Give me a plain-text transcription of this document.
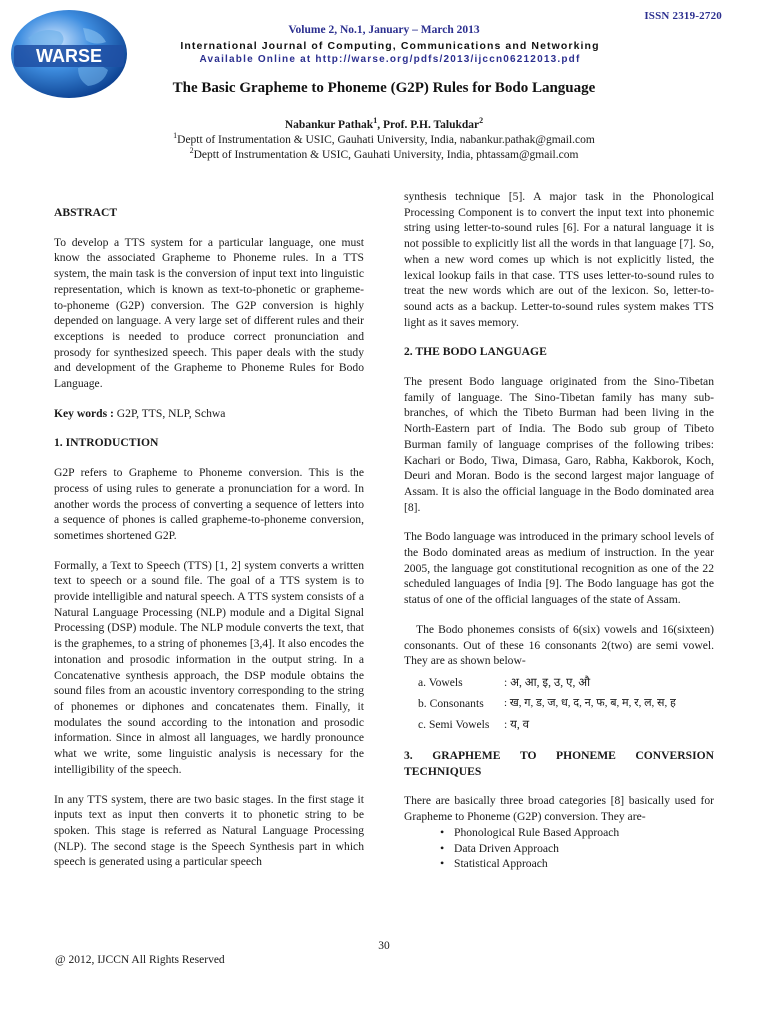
WARSE
ISSN 2319-2720
Volume 2, No.1, January – March 2013
International Journal of Computing, Communications and Networking
Available Online at http://warse.org/pdfs/2013/ijccn06212013.pdf
The Basic Grapheme to Phoneme (G2P) Rules for Bodo Language
Nabankur Pathak$^1$, Prof. P.H. Talukdar$^2$
$^1$Deptt of Instrumentation & USIC, Gauhati University, India, nabankur.pathak@gmail.com
$^2$Deptt of Instrumentation & USIC, Gauhati University, India, phtassam@gmail.com
ABSTRACT

To develop a TTS system for a particular language, one must know the associated Grapheme to Phoneme rules. In a TTS system, the main task is the conversion of input text into linguistic representation, which is known as text-to-phonetic or grapheme-to-phoneme (G2P) conversion. The G2P conversion is highly depended on language. A very large set of different rules and their exceptions is needed to produce correct pronunciation and prosody for synthesized speech. This paper deals with the study and development of the Grapheme to Phoneme Rules for Bodo Language.

Key words : G2P, TTS, NLP, Schwa

1. INTRODUCTION

G2P refers to Grapheme to Phoneme conversion. This is the process of using rules to generate a pronunciation for a word. In another words the process of converting a sequence of letters into a sequence of phones is called grapheme-to-phoneme conversion, sometimes shortened G2P.

Formally, a Text to Speech (TTS) [1, 2] system converts a written text to speech or a sound file. The goal of a TTS system is to provide intelligible and natural speech. A TTS system consists of a Natural Language Processing (NLP) module and a Digital Signal Processing (DSP) module. The NLP module converts the text, that is the graphemes, to a string of phonemes [3,4]. It also encodes the intonation and prosodic information in the output string. In a Concatenative synthesis approach, the DSP module obtains the sound files from an acoustic inventory corresponding to the string of phonemes or diphones and concatenates them. Finally, it modulates the sound according to the intonation and prosodic information. Since in almost all languages, we hardly pronounce what we write, some linguistic analysis is necessary for the intelligibility of the speech.

In any TTS system, there are two basic stages. In the first stage it inputs text as input then converts it to phonetic string to be spoken. This stage is referred as Natural Language Processing (NLP). The second stage is the Speech Synthesis part in which speech is generated using a particular speech

synthesis technique [5]. A major task in the Phonological Processing Component is to convert the input text into phonemic string using letter-to-sound rules [6]. For a natural language it is not possible to explicitly list all the words in that language [7]. So, when a new word comes up which is not explicitly listed, the lexical lookup fails in that case. TTS uses letter-to-sound rules to treat the new words which are out of the lexicon. So, letter-to-sound acts as a backup. Letter-to-sound rules system makes TTS light as it saves memory.

2. THE BODO LANGUAGE

The present Bodo language originated from the Sino-Tibetan family of language. The Sino-Tibetan family has many sub-branches, of which the Tibeto Burman had been living in the North-Eastern part of India. The Bodo sub group of Tibeto Burman family of language comprises of the following tribes: Kachari or Bodo, Tiwa, Dimasa, Garo, Rabha, Kakborok, Koch, Deuri and Moran. Bodo is the second largest major language of Assam. It is also the official language in the Bodo dominated area [8].

The Bodo language was introduced in the primary school levels of the Bodo dominated areas as medium of instruction. In the year 2005, the language got constitutional recognition as one of the 22 scheduled languages of India [9]. The Bodo language has got the status of one of the official languages of the state of Assam.

The Bodo phonemes consists of 6(six) vowels and 16(sixteen) consonants. Out of these 16 consonants 2(two) are semi vowel. They are as shown below-

a. Vowels	: अ, आ, इ, उ, ए, औ
b. Consonants	: ख, ग, ड, ज, ध, द, न, फ, ब, म, र, ल, स, ह
c. Semi Vowels	: य, व
3. GRAPHEME TO PHONEME CONVERSION
TECHNIQUES

There are basically three broad categories [8] basically used for Grapheme to Phoneme (G2P) conversion. They are-

• Phonological Rule Based Approach
• Data Driven Approach
• Statistical Approach
30
@ 2012, IJCCN All Rights Reserved
